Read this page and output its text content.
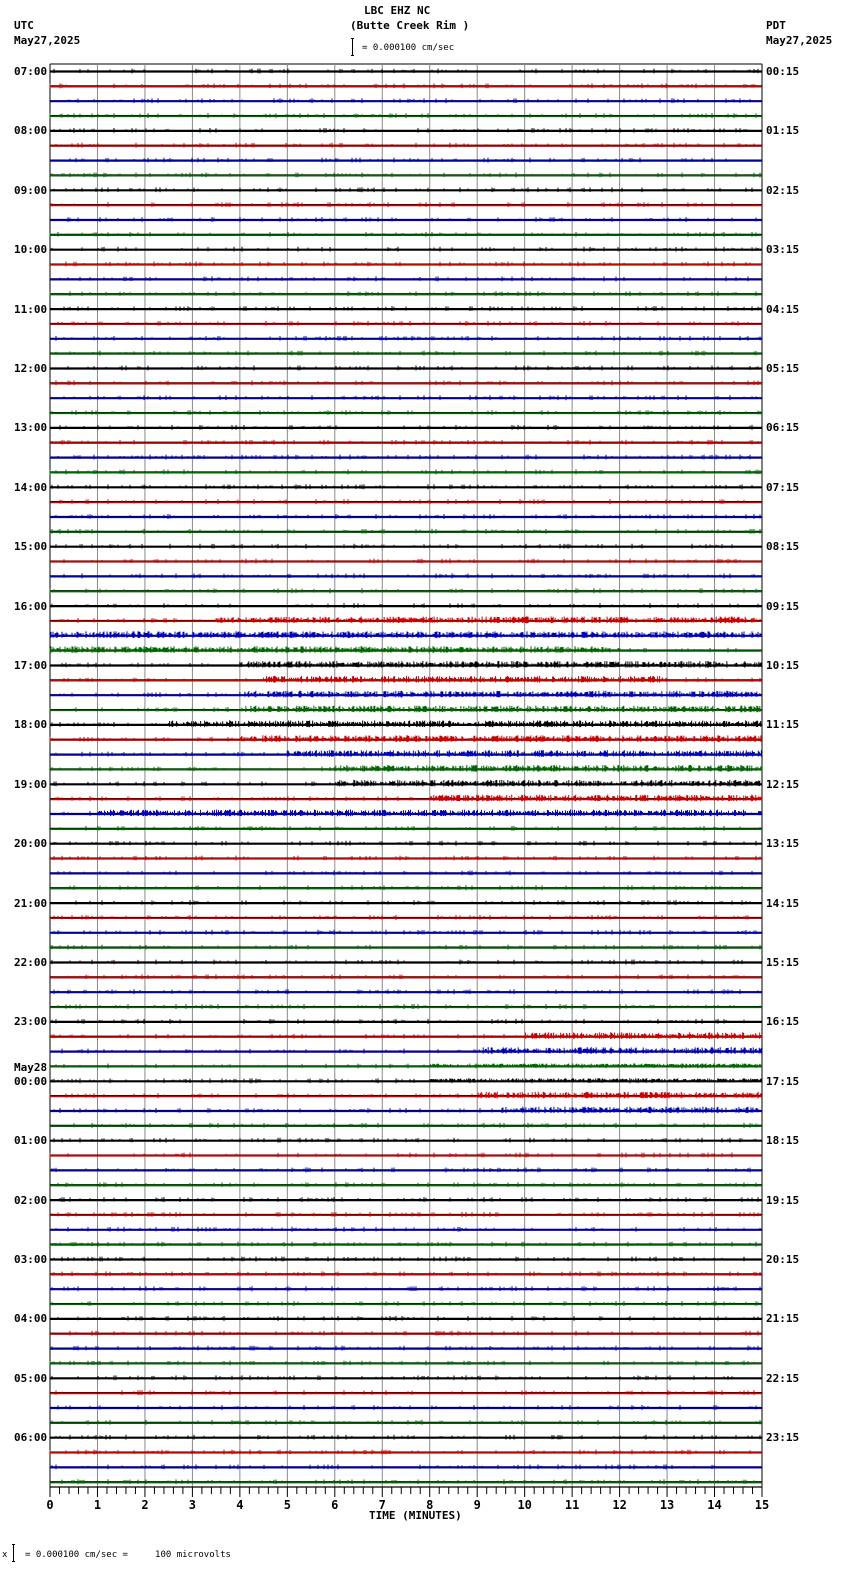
LBC EHZ NC
(Butte Creek Rim )
= 0.000100 cm/sec
UTC
May27,2025
PDT
May27,2025
0	1	2	3	4	5	6	7	8	9	10	11	12	13	14	15
07:00
08:00
09:00
10:00
11:00
12:00
13:00
14:00
15:00
16:00
17:00
18:00
19:00
20:00
21:00
22:00
23:00
00:00
May28
01:00
02:00
03:00
04:00
05:00
06:00
00:15
01:15
02:15
03:15
04:15
05:15
06:15
07:15
08:15
09:15
10:15
11:15
12:15
13:15
14:15
15:15
16:15
17:15
18:15
19:15
20:15
21:15
22:15
23:15
TIME (MINUTES)
x = 0.000100 cm/sec =     100 microvolts
